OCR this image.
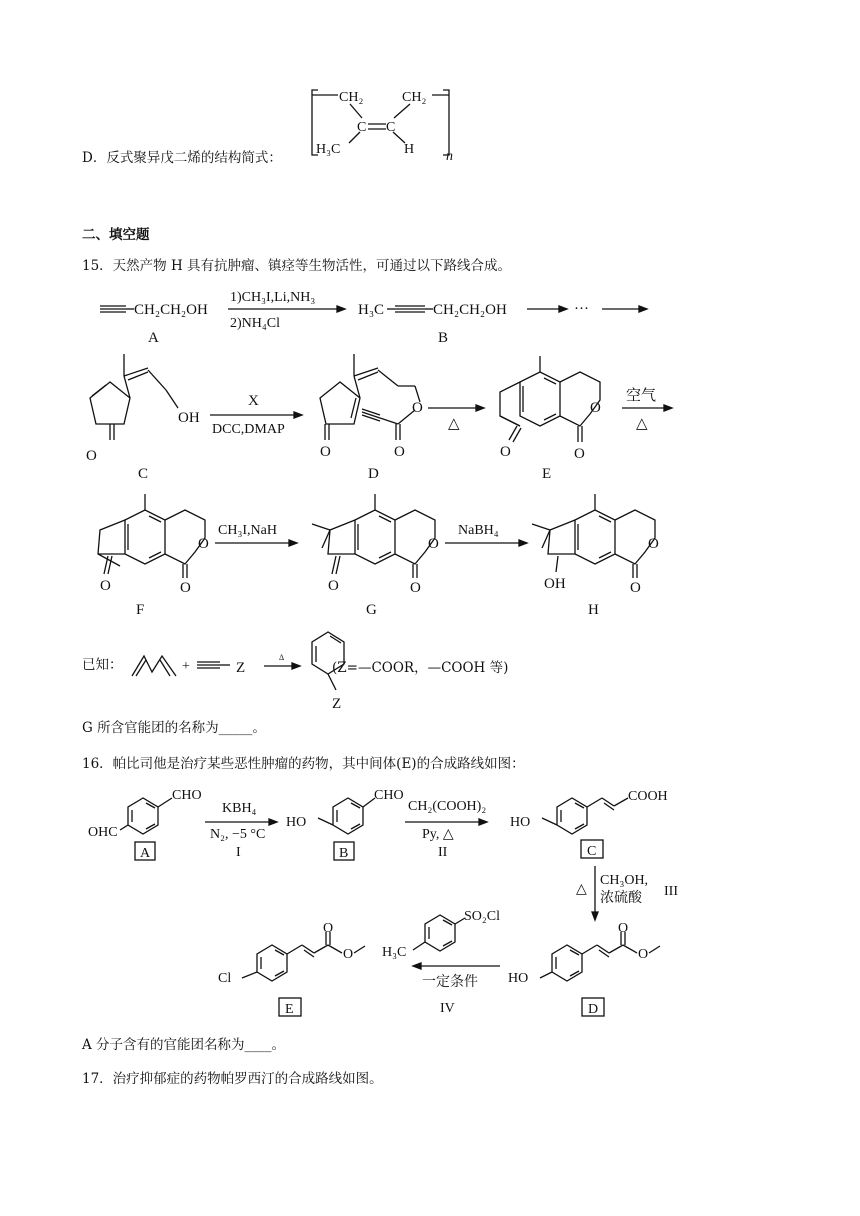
D．反式聚异戊二烯的结构简式：
二、填空题
15．天然产物 H 具有抗肿瘤、镇痉等生物活性，可通过以下路线合成。
已知：	(Z=—COOR，—COOH 等)
G 所含官能团的名称为_____。
16．帕比司他是治疗某些恶性肿瘤的药物，其中间体(E)的合成路线如图：
A 分子含有的官能团名称为____。
17．治疗抑郁症的药物帕罗西汀的合成路线如图。
CH₂	CH₂
C C
H₃C	H n
CH₂CH₂OH
A
1)CH₃I,Li,NH₃
2)NH₄Cl
H₃C	CH₂CH₂OH
B
···
OH
O
C
X
DCC,DMAP
O
O
O
D
△
O
O
O
E
空气
△
O
O
O
F
CH₃I,NaH
O
O
O
G
NaBH₄
OH
O
O
H
+	Z
Δ
Z
CHO
OHC
A
KBH₄
N₂, −5 °C
I
CHO
HO
B
CH₂(COOH)₂
Py, △
II
COOH
HO
C
△
CH₃OH,
浓硫酸 III
HO
O
O
D
SO₂Cl
H₃C
一定条件
IV
Cl
O
O
E
